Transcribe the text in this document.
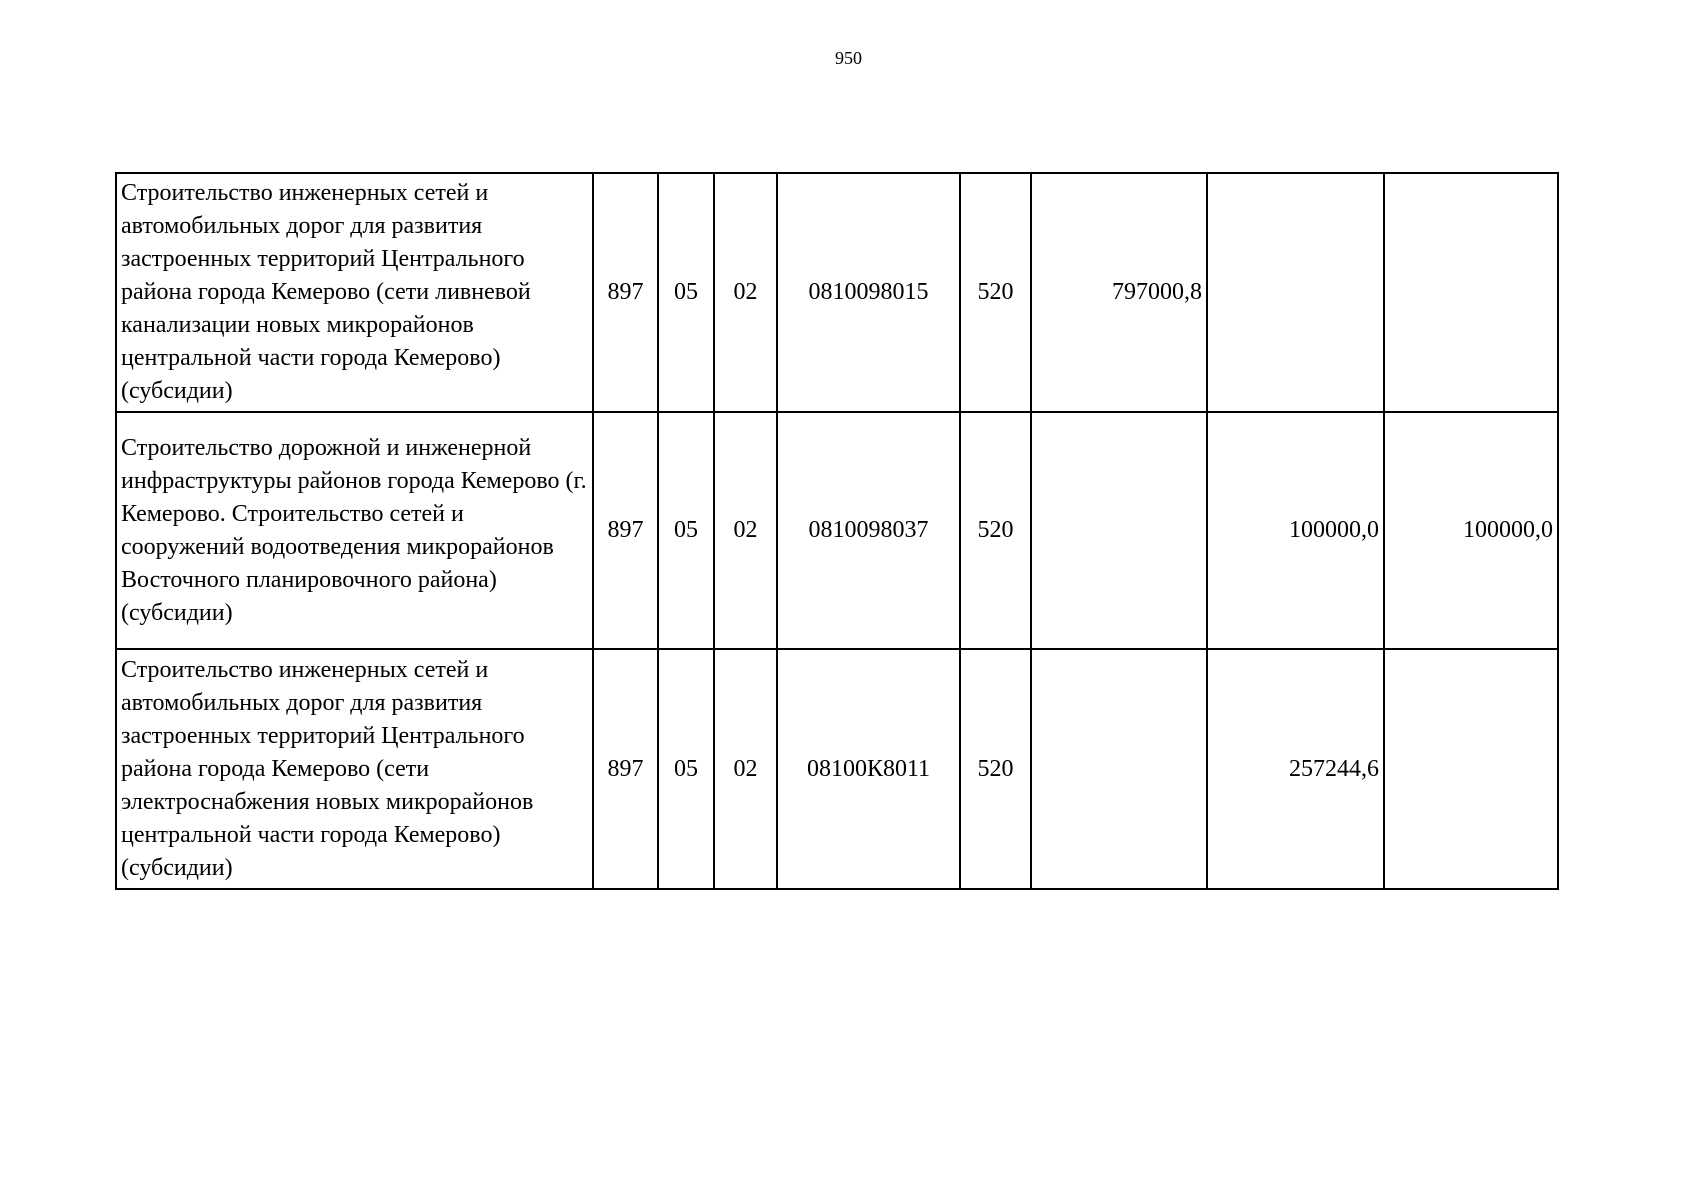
950
Строительство инженерных сетей и автомобильных дорог для развития застроенных территорий Центрального района города Кемерово (сети ливневой канализации новых микрорайонов центральной части города Кемерово) (субсидии)	897	05	02	0810098015	520	797000,8		
Строительство дорожной и инженерной инфраструктуры районов города Кемерово (г. Кемерово. Строительство сетей и сооружений водоотведения микрорайонов Восточного планировочного района) (субсидии)	897	05	02	0810098037	520		100000,0	100000,0
Строительство инженерных сетей и автомобильных дорог для развития застроенных территорий Центрального района города Кемерово (сети электроснабжения новых микрорайонов центральной части города Кемерово) (субсидии)	897	05	02	08100К8011	520		257244,6	
